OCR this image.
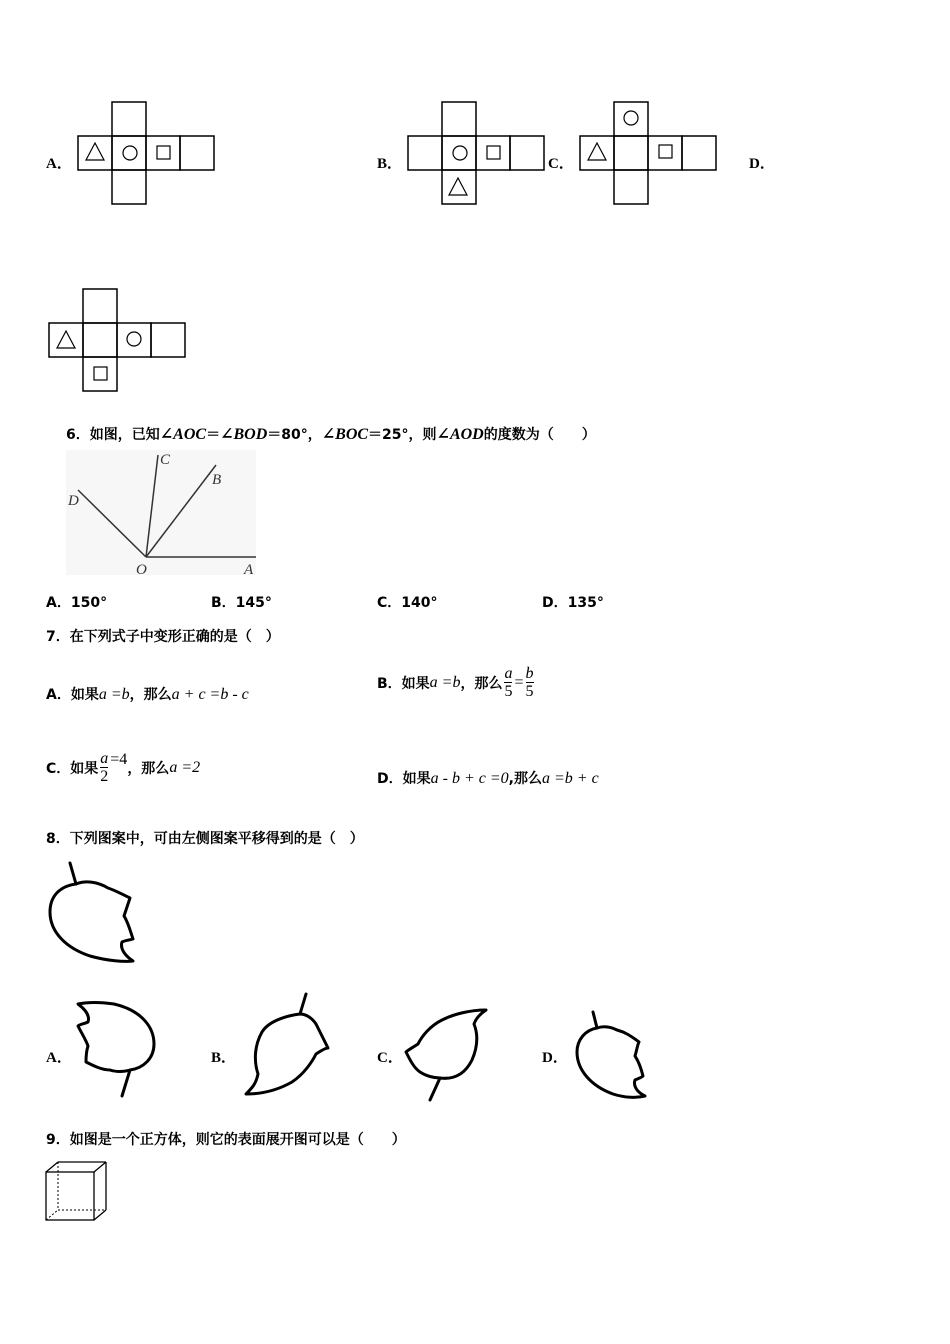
A．	B．	C．	D．
6．如图，已知∠AOC＝∠BOD＝80°，∠BOC＝25°，则∠AOD的度数为（　　）
C
B
D
O	A
A．150°	B．145°	C．140°	D．135°
7．在下列式子中变形正确的是（　）
A．如果a =b，那么a + c =b - c
B． 如果 a =b ，那么 $\frac{a}{5} = \frac{b}{5}$
C． 如果 $\frac{a}{2} =4$
，那么 a =2
D．如果a - b + c =0,那么a =b + c
8．下列图案中，可由左侧图案平移得到的是（　）
A．	B．	C．	D．
9．如图是一个正方体，则它的表面展开图可以是（　　）
